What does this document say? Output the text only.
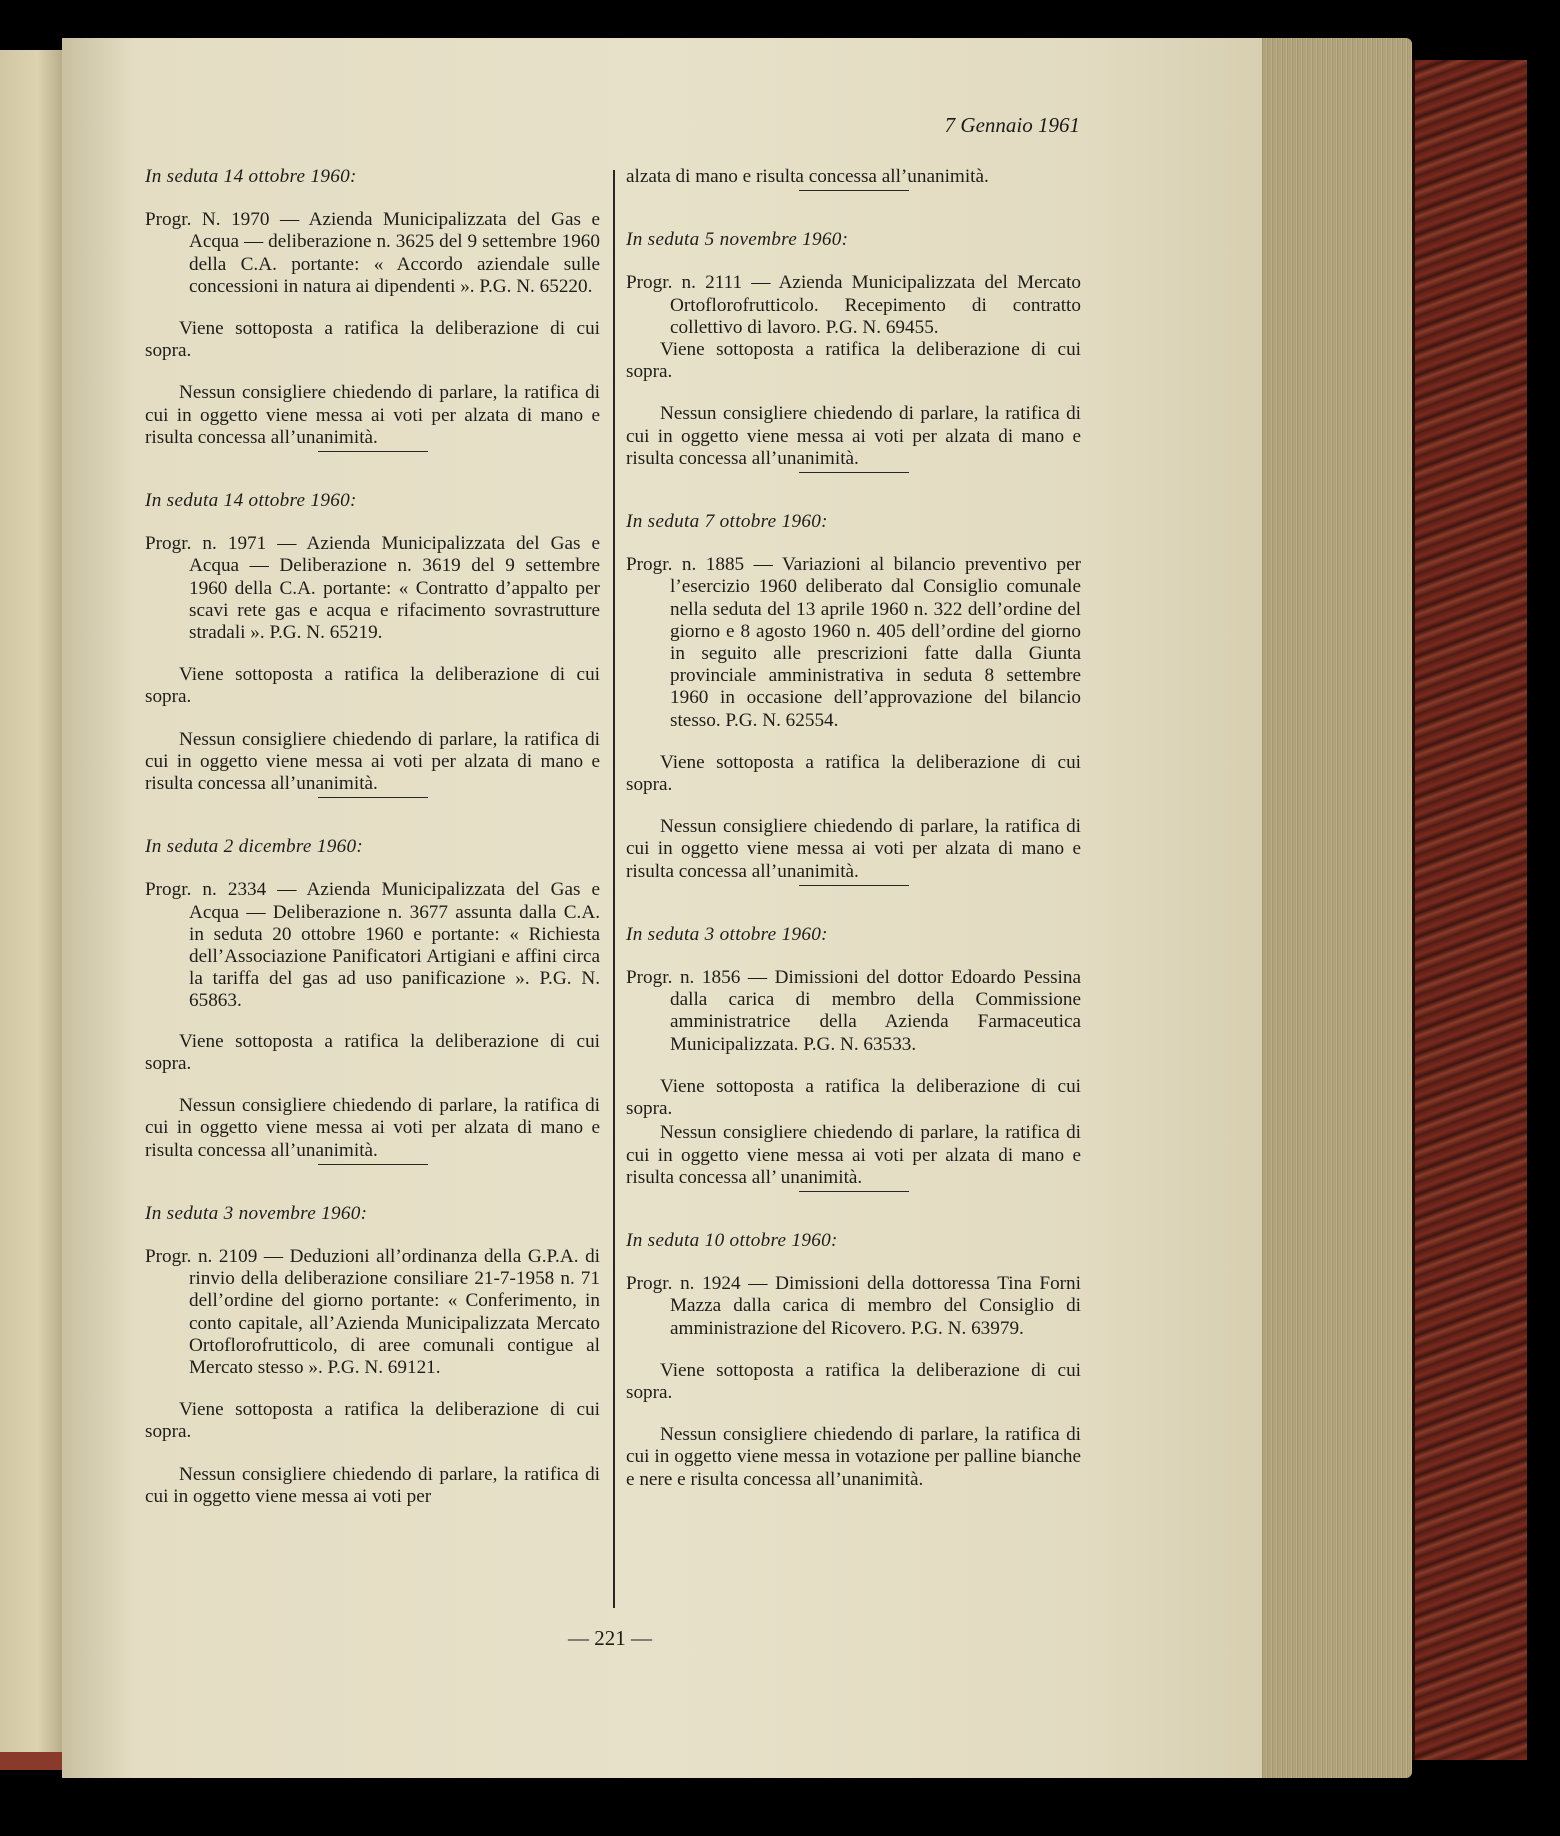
7 Gennaio 1961
In seduta 14 ottobre 1960:
Progr. N. 1970 — Azienda Municipalizzata del Gas e Acqua — deliberazione n. 3625 del 9 settembre 1960 della C.A. portante: « Accordo aziendale sulle concessioni in natura ai dipendenti ». P.G. N. 65220.
Viene sottoposta a ratifica la deliberazione di cui sopra.
Nessun consigliere chiedendo di parlare, la ratifica di cui in oggetto viene messa ai voti per alzata di mano e risulta concessa all’unanimità.
In seduta 14 ottobre 1960:
Progr. n. 1971 — Azienda Municipalizzata del Gas e Acqua — Deliberazione n. 3619 del 9 settembre 1960 della C.A. portante: « Contratto d’appalto per scavi rete gas e acqua e rifacimento sovrastrutture stradali ». P.G. N. 65219.
Viene sottoposta a ratifica la deliberazione di cui sopra.
Nessun consigliere chiedendo di parlare, la ratifica di cui in oggetto viene messa ai voti per alzata di mano e risulta concessa all’unanimità.
In seduta 2 dicembre 1960:
Progr. n. 2334 — Azienda Municipalizzata del Gas e Acqua — Deliberazione n. 3677 assunta dalla C.A. in seduta 20 ottobre 1960 e portante: « Richiesta dell’Associazione Panificatori Artigiani e affini circa la tariffa del gas ad uso panificazione ». P.G. N. 65863.
Viene sottoposta a ratifica la deliberazione di cui sopra.
Nessun consigliere chiedendo di parlare, la ratifica di cui in oggetto viene messa ai voti per alzata di mano e risulta concessa all’unanimità.
In seduta 3 novembre 1960:
Progr. n. 2109 — Deduzioni all’ordinanza della G.P.A. di rinvio della deliberazione consiliare 21-7-1958 n. 71 dell’ordine del giorno portante: « Conferimento, in conto capitale, all’Azienda Municipalizzata Mercato Ortoflorofrutticolo, di aree comunali contigue al Mercato stesso ». P.G. N. 69121.
Viene sottoposta a ratifica la deliberazione di cui sopra.
Nessun consigliere chiedendo di parlare, la ratifica di cui in oggetto viene messa ai voti per
alzata di mano e risulta concessa all’unanimità.
In seduta 5 novembre 1960:
Progr. n. 2111 — Azienda Municipalizzata del Mercato Ortoflorofrutticolo. Recepimento di contratto collettivo di lavoro. P.G. N. 69455.
Viene sottoposta a ratifica la deliberazione di cui sopra.
Nessun consigliere chiedendo di parlare, la ratifica di cui in oggetto viene messa ai voti per alzata di mano e risulta concessa all’unanimità.
In seduta 7 ottobre 1960:
Progr. n. 1885 — Variazioni al bilancio preventivo per l’esercizio 1960 deliberato dal Consiglio comunale nella seduta del 13 aprile 1960 n. 322 dell’ordine del giorno e 8 agosto 1960 n. 405 dell’ordine del giorno in seguito alle prescrizioni fatte dalla Giunta provinciale amministrativa in seduta 8 settembre 1960 in occasione dell’approvazione del bilancio stesso. P.G. N. 62554.
Viene sottoposta a ratifica la deliberazione di cui sopra.
Nessun consigliere chiedendo di parlare, la ratifica di cui in oggetto viene messa ai voti per alzata di mano e risulta concessa all’unanimità.
In seduta 3 ottobre 1960:
Progr. n. 1856 — Dimissioni del dottor Edoardo Pessina dalla carica di membro della Commissione amministratrice della Azienda Farmaceutica Municipalizzata. P.G. N. 63533.
Viene sottoposta a ratifica la deliberazione di cui sopra.
Nessun consigliere chiedendo di parlare, la ratifica di cui in oggetto viene messa ai voti per alzata di mano e risulta concessa all’ unanimità.
In seduta 10 ottobre 1960:
Progr. n. 1924 — Dimissioni della dottoressa Tina Forni Mazza dalla carica di membro del Consiglio di amministrazione del Ricovero. P.G. N. 63979.
Viene sottoposta a ratifica la deliberazione di cui sopra.
Nessun consigliere chiedendo di parlare, la ratifica di cui in oggetto viene messa in votazione per palline bianche e nere e risulta concessa all’unanimità.
— 221 —
